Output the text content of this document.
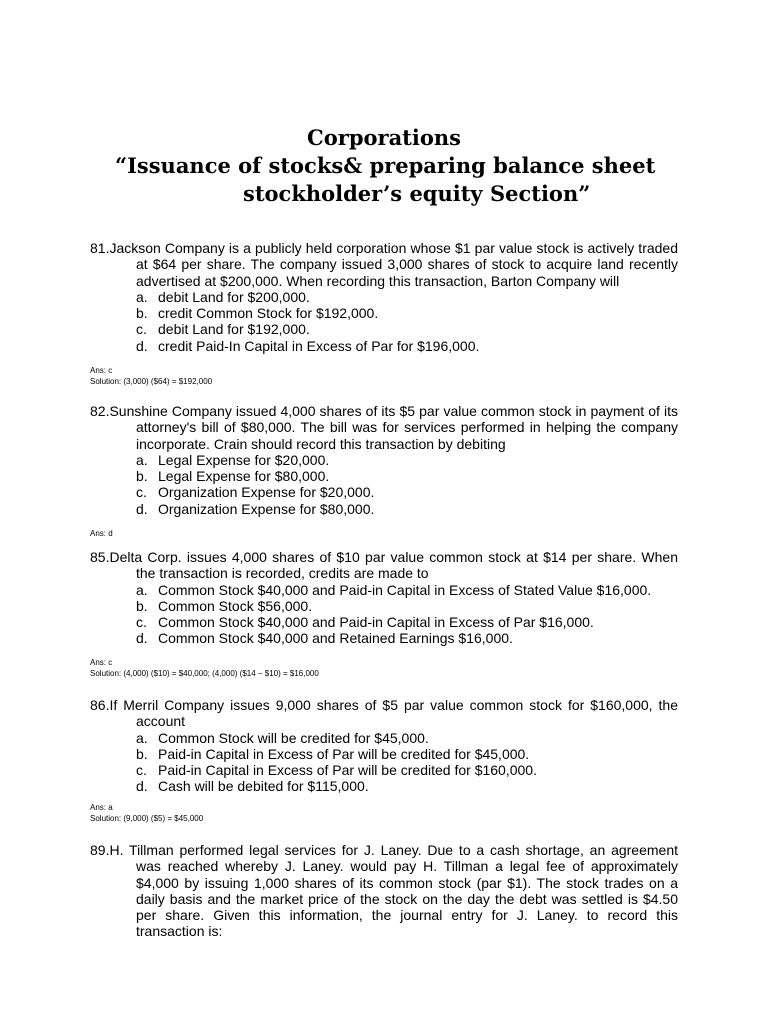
Corporations
“Issuance of stocks& preparing balance sheet
stockholder’s equity Section”

81.Jackson Company is a publicly held corporation whose $1 par value stock is actively traded at $64 per share. The company issued 3,000 shares of stock to acquire land recently advertised at $200,000. When recording this transaction, Barton Company will

a. debit Land for $200,000.
b. credit Common Stock for $192,000.
c. debit Land for $192,000.
d. credit Paid-In Capital in Excess of Par for $196,000.
Ans: c
Solution: (3,000) ($64) = $192,000

82.Sunshine Company issued 4,000 shares of its $5 par value common stock in payment of its attorney's bill of $80,000. The bill was for services performed in helping the company incorporate. Crain should record this transaction by debiting

a. Legal Expense for $20,000.
b. Legal Expense for $80,000.
c. Organization Expense for $20,000.
d. Organization Expense for $80,000.
Ans: d

85.Delta Corp. issues 4,000 shares of $10 par value common stock at $14 per share. When the transaction is recorded, credits are made to

a. Common Stock $40,000 and Paid-in Capital in Excess of Stated Value $16,000.
b. Common Stock $56,000.
c. Common Stock $40,000 and Paid-in Capital in Excess of Par $16,000.
d. Common Stock $40,000 and Retained Earnings $16,000.
Ans: c
Solution: (4,000) ($10) = $40,000; (4,000) ($14 − $10) = $16,000

86.If Merril Company issues 9,000 shares of $5 par value common stock for $160,000, the account

a. Common Stock will be credited for $45,000.
b. Paid-in Capital in Excess of Par will be credited for $45,000.
c. Paid-in Capital in Excess of Par will be credited for $160,000.
d. Cash will be debited for $115,000.
Ans: a
Solution: (9,000) ($5) = $45,000

89.H. Tillman performed legal services for J. Laney. Due to a cash shortage, an agreement was reached whereby J. Laney. would pay H. Tillman a legal fee of approximately $4,000 by issuing 1,000 shares of its common stock (par $1). The stock trades on a daily basis and the market price of the stock on the day the debt was settled is $4.50 per share. Given this information, the journal entry for J. Laney. to record this transaction is:
